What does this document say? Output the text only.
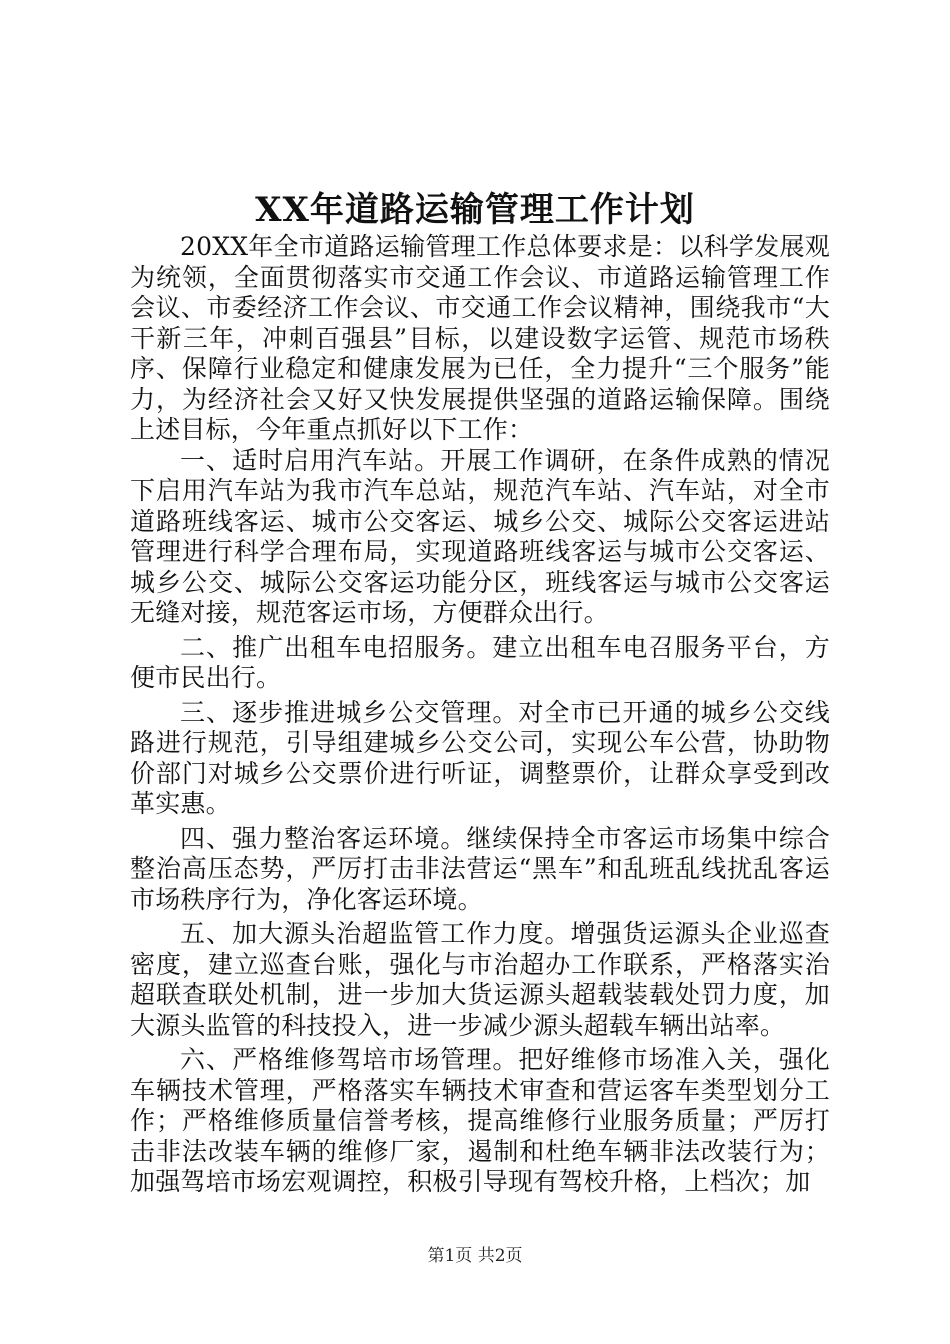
XX年道路运输管理工作计划

20XX年全市道路运输管理工作总体要求是：以科学发展观为统领，全面贯彻落实市交通工作会议、市道路运输管理工作会议、市委经济工作会议、市交通工作会议精神，围绕我市“大干新三年，冲刺百强县”目标，以建设数字运管、规范市场秩序、保障行业稳定和健康发展为已任，全力提升“三个服务”能力，为经济社会又好又快发展提供坚强的道路运输保障。围绕上述目标，今年重点抓好以下工作：

一、适时启用汽车站。开展工作调研，在条件成熟的情况下启用汽车站为我市汽车总站，规范汽车站、汽车站，对全市道路班线客运、城市公交客运、城乡公交、城际公交客运进站管理进行科学合理布局，实现道路班线客运与城市公交客运、城乡公交、城际公交客运功能分区，班线客运与城市公交客运无缝对接，规范客运市场，方便群众出行。

二、推广出租车电招服务。建立出租车电召服务平台，方便市民出行。

三、逐步推进城乡公交管理。对全市已开通的城乡公交线路进行规范，引导组建城乡公交公司，实现公车公营，协助物价部门对城乡公交票价进行听证，调整票价，让群众享受到改革实惠。

四、强力整治客运环境。继续保持全市客运市场集中综合整治高压态势，严厉打击非法营运“黑车”和乱班乱线扰乱客运市场秩序行为，净化客运环境。

五、加大源头治超监管工作力度。增强货运源头企业巡查密度，建立巡查台账，强化与市治超办工作联系，严格落实治超联查联处机制，进一步加大货运源头超载装载处罚力度，加大源头监管的科技投入，进一步减少源头超载车辆出站率。

六、严格维修驾培市场管理。把好维修市场准入关，强化车辆技术管理，严格落实车辆技术审查和营运客车类型划分工作；严格维修质量信誉考核，提高维修行业服务质量；严厉打击非法改装车辆的维修厂家，遏制和杜绝车辆非法改装行为；加强驾培市场宏观调控，积极引导现有驾校升格，上档次；加

第1页 共2页
